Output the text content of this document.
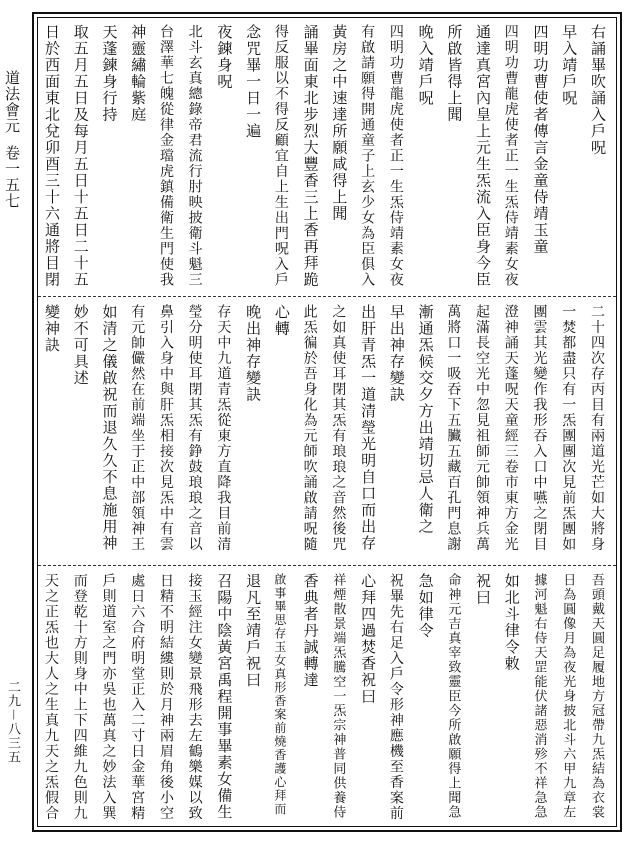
道法會元
卷一五七
二九－八三五
右誦畢吹誦入戶呪
早入靖戶呪
四明功曹使者傳言金童侍靖玉童
四明功曹龍虎使者正一生炁侍靖素女夜
通達真宮內皇上元生炁流入臣身今臣
所啟皆得上聞
晚入靖戶呪
四明功曹龍虎使者正一生炁侍靖素女夜
有啟請願得開通童子上玄少女為臣俱入
黃房之中速達所願咸得上聞
誦畢面東北步烈大豐香三上香再拜跪
得反服以不得反顧宜自上生出門呪入戶
念咒畢一日一遍
夜鍊身呪
北斗玄真總錄帝君流行肘映披衛斗魁三
台澤華七魄從律金璫虎鎮備衛生門使我
神靈繡輪紫庭
天蓬鍊身行持
取五月五日及每月五日十五日二十五
日於西面東北兌卯酉三十六通將目閉
二十四次存丙目有兩道光芒如大將身
一焚都盡只有一炁團團次見前炁團如
團雲其光變作我形吞入口中嚥之閉目
澄神誦天蓬呪天童經三卷市東方金光
起滿長空光中忽見祖師元帥領神兵萬
萬將口一吸吞下五臟五藏百孔門息謝
漸通炁候交夕方出靖切忌人衛之
早出神存變訣
出肝青炁一道清瑩光明自口而出存
之如真使耳閉其炁有琅琅之音然後咒
此炁徧於吾身化為元師吹誦啟請呪隨
心轉
晚出神存變訣
存天中九道青炁從東方直降我目前清
瑩分明使耳閉其炁有錚鼓琅琅之音以
鼻引入身中與肝炁相接次見炁中有雲
有元帥儼然在前端坐于正中部領神王
如清之儀啟祝而退久久不息施用神
妙不可具述
變神訣
吾頭戴天圓足履地方冠帶九炁結為衣裳
日為圓像月為夜光身披北斗六甲九章左
據河魁右侍天罡能伏諸惡消殄不祥急急
如北斗律令敕
祝曰
命神元吉真宰致靈臣今所啟願得上聞急
急如律令
祝畢先右足入戶令形神應機至香案前
心拜四過焚香祝曰
祥煙散景端炁騰空一炁宗神普同供養侍
香典者丹誠轉達
啟事畢思存玉女真形香案前燒香護心拜而
退凡至靖戶祝曰
召陽中陰黃宮禹程開事畢素女備生
接玉經注女變景飛形去左鶴樂媒以致
日精不明結縷則於月神兩眉角後小空
處日六合府明堂正入二寸日金華宮精
戶則道室之門亦吳也萬真之妙法入巽
而登乾十方則身中上下四維九色則九
天之正炁也大人之生真九天之炁假合
